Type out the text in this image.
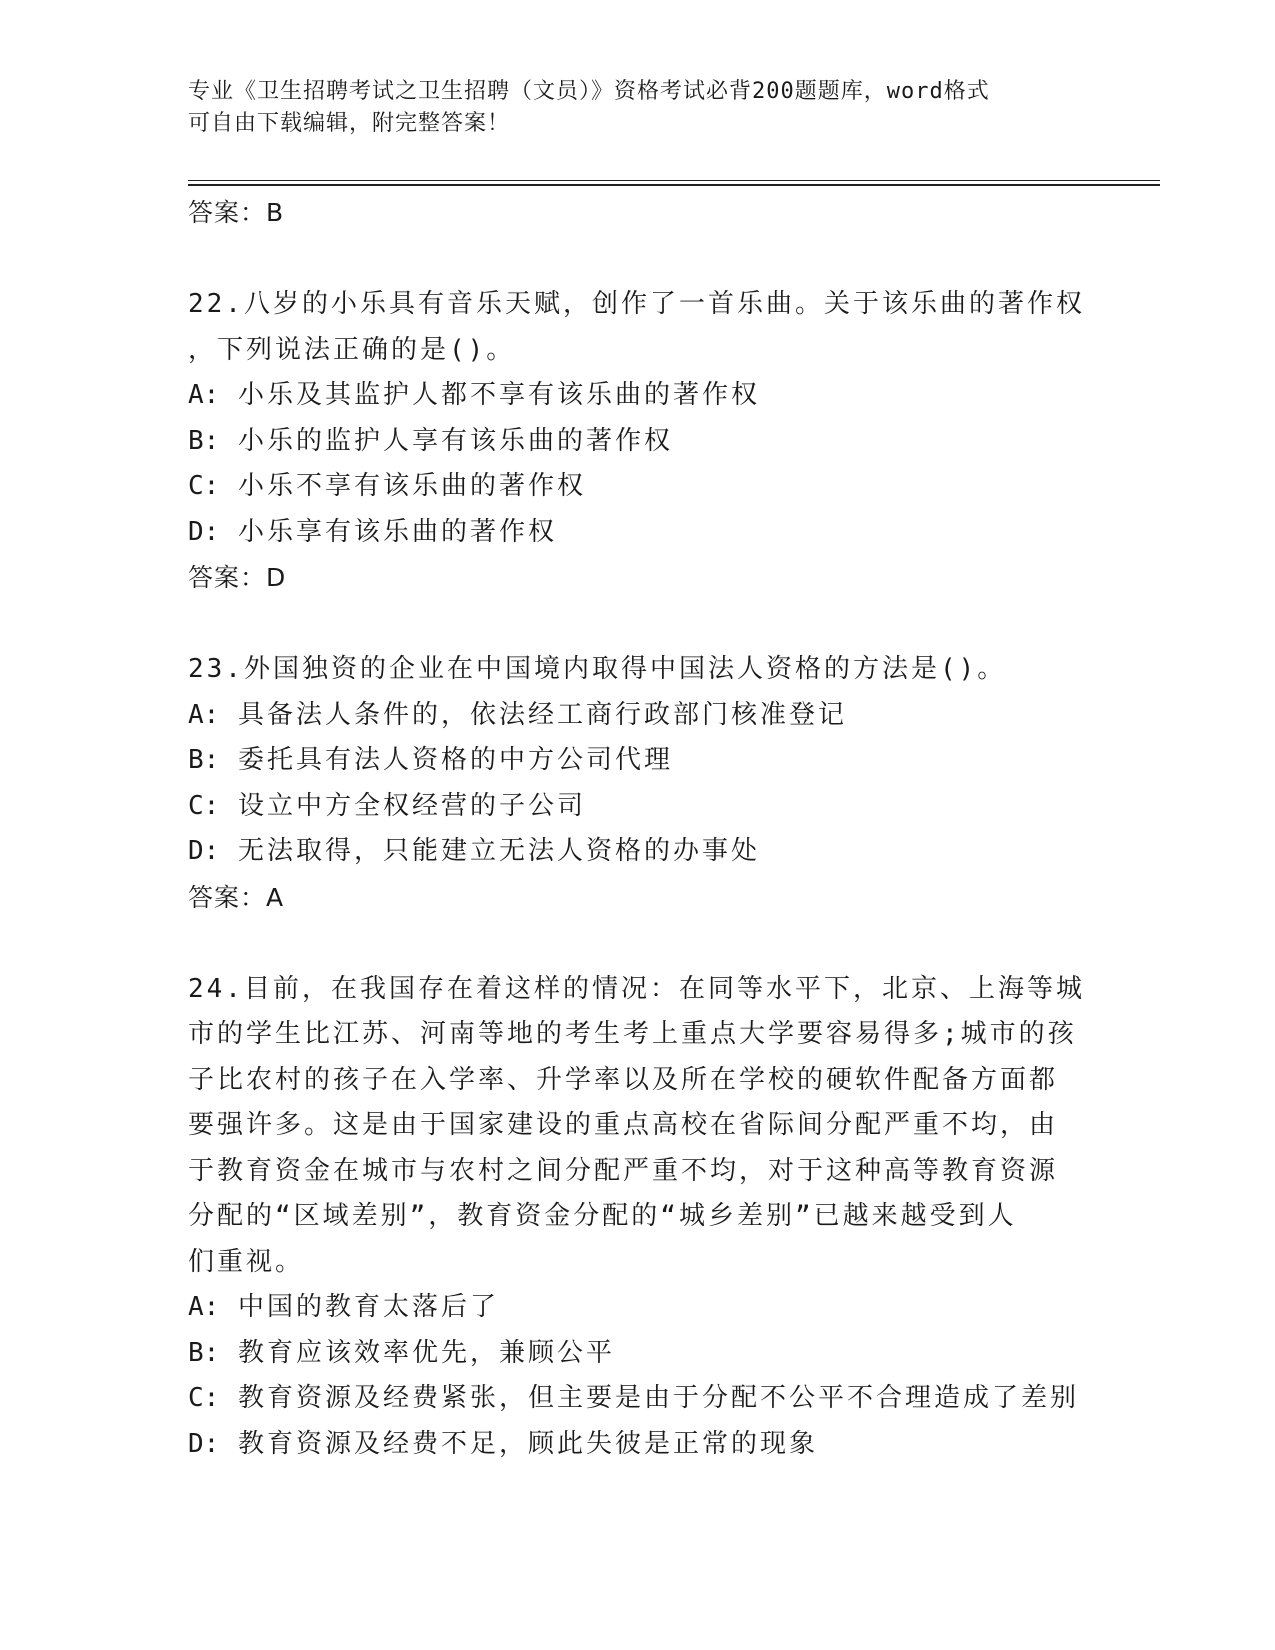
专业《卫生招聘考试之卫生招聘（文员）》资格考试必背200题题库，word格式
可自由下载编辑，附完整答案！
答案：B
22.八岁的小乐具有音乐天赋，创作了一首乐曲。关于该乐曲的著作权
，下列说法正确的是()。
A: 小乐及其监护人都不享有该乐曲的著作权
B: 小乐的监护人享有该乐曲的著作权
C: 小乐不享有该乐曲的著作权
D: 小乐享有该乐曲的著作权
答案：D
23.外国独资的企业在中国境内取得中国法人资格的方法是()。
A: 具备法人条件的，依法经工商行政部门核准登记
B: 委托具有法人资格的中方公司代理
C: 设立中方全权经营的子公司
D: 无法取得，只能建立无法人资格的办事处
答案：A
24.目前，在我国存在着这样的情况：在同等水平下，北京、上海等城
市的学生比江苏、河南等地的考生考上重点大学要容易得多;城市的孩
子比农村的孩子在入学率、升学率以及所在学校的硬软件配备方面都
要强许多。这是由于国家建设的重点高校在省际间分配严重不均，由
于教育资金在城市与农村之间分配严重不均，对于这种高等教育资源
分配的“区域差别”，教育资金分配的“城乡差别”已越来越受到人
们重视。
A: 中国的教育太落后了
B: 教育应该效率优先，兼顾公平
C: 教育资源及经费紧张，但主要是由于分配不公平不合理造成了差别
D: 教育资源及经费不足，顾此失彼是正常的现象
